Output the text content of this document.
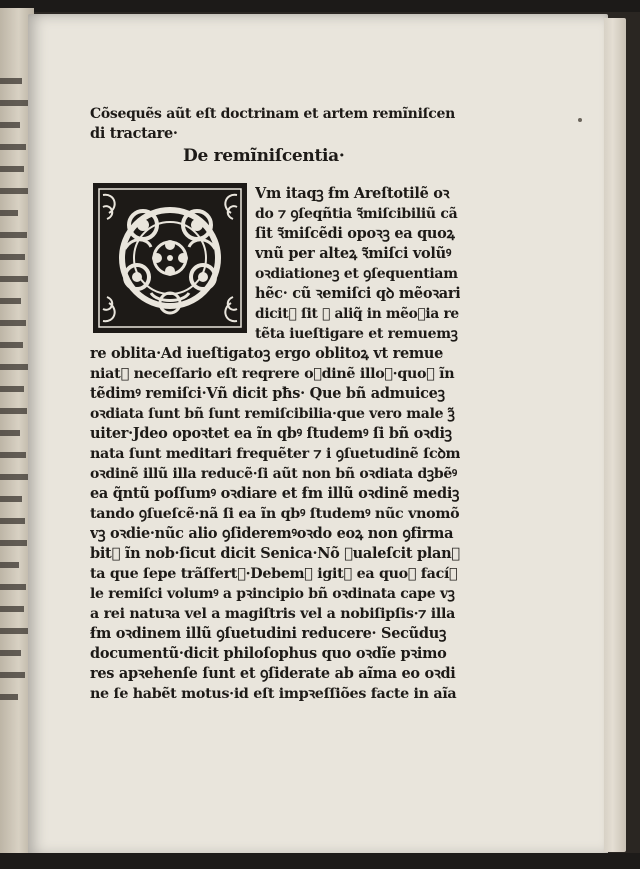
Cõsequẽs aũt eſt doctrinam et artem remĩniſcen
di tractare·
De remĩniſcentia·
Vm itaqꝫ ẜm Areſtotilẽ oꝛ
do ⁊ ꝯſeqñtia ꝛ̃miſcibiliũ cã
ſit ꝛ̃miſcẽdi opoꝛꝫ ea quoꝝ
vnũ per alteꝝ ꝛ̃miſci volũꝰ
oꝛdiationeꝫ et ꝯſequentiam
hẽc· cũ ꝛemiſci qꝺ mẽoꝛari
dicitᷓ ſit ꝑ aliq̃ in mẽoꝛia re
tẽta iueſtigare et remuemꝫ
re oblita·Ad iueſtigatoꝫ ergo oblitoꝝ vt remue
niatᷓ neceſſario eſt reqrere oꝛdinẽ illoꝝ·quoꝝ ĩn
tẽdimꝰ remiſci·Vñ dicit pħs· Que bñ admuiceꝫ
oꝛdiata ſunt bñ ſunt remiſcibilia·que vero male ꝫ̃
uiter·Jdeo opoꝛtet ea ĩn qbꝰ ſtudemꝰ ſi bñ oꝛdiꝫ
nata ſunt meditari frequẽter ⁊ i ꝯſuetudinẽ ſcꝺm
oꝛdinẽ illũ illa reducẽ·ſi aũt non bñ oꝛdiata dꝫbẽꝰ
ea q̃ntũ poſſumꝰ oꝛdiare et ẜm illũ oꝛdinẽ mediꝫ
tando ꝯſueſcẽ·nã ſi ea ĩn qbꝰ ſtudemꝰ nũc vnomõ
vꝫ oꝛdie·nũc alio ꝯſideremꝰoꝛdo eoꝝ non ꝯfirma
bitᷓ ĩn nob·ſicut dicit Senica·Nõ ꝯualeſcit planꝫ
ta que ſepe trãſfertᷓ·Debemꝰ igitᷓ ea quoꝝ facíꝫ
le remiſci volumꝰ a pꝛincipio bñ oꝛdinata cape vꝫ
a rei natuꝛa vel a magiſtris vel a nobiſipſis·⁊ illa
ẜm oꝛdinem illũ ꝯſuetudini reducere· Secũduꝫ
documentũ·dicit philoſophus quo oꝛdĩe pꝛimo
res apꝛehenſe ſunt et ꝯſiderate ab aĩma eo oꝛdi
ne ſe habẽt motus·id eſt impꝛeſſiões facte in aĩa
